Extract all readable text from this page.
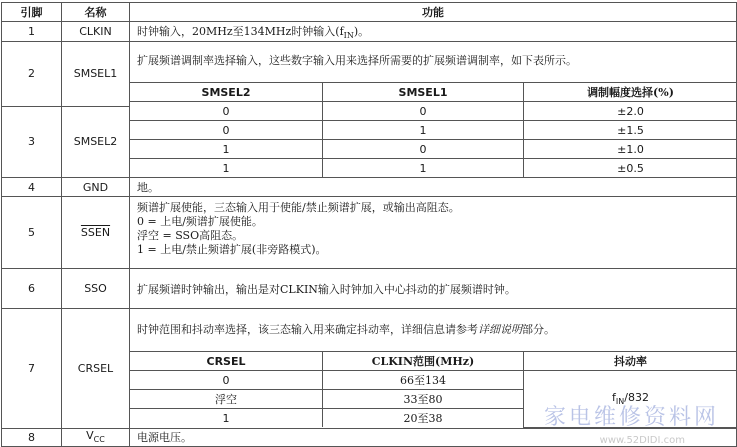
引脚	名称	功能
1	CLKIN	时钟输入，20MHz至134MHz时钟输入$(f_{IN})$。
2	SMSEL1	
扩展频谱调制率选择输入，这些数字输入用来选择所需要的扩展频谱调制率，如下表所示。
SMSEL2	SMSEL1	调制幅度选择(%)
0	0	±2.0
0	1	±1.5
1	0	±1.0
1	1	±0.5

3	SMSEL2
4	GND	地。
5	SSEN	
频谱扩展使能，三态输入用于使能/禁止频谱扩展，或输出高阻态。
0 = 上电/频谱扩展使能。
浮空 = SSO高阻态。
1 = 上电/禁止频谱扩展(非旁路模式)。

6	SSO	扩展频谱时钟输出，输出是对CLKIN输入时钟加入中心抖动的扩展频谱时钟。
7	CRSEL	
时钟范围和抖动率选择，该三态输入用来确定抖动率，详细信息请参考详细说明部分。
CRSEL	CLKIN范围(MHz)	抖动率
0	66至134	$f_{IN}/832$
浮空	33至80
1	20至38

8	$V_{CC}$	电源电压。
家电维修资料网
www.52DIDI.com
